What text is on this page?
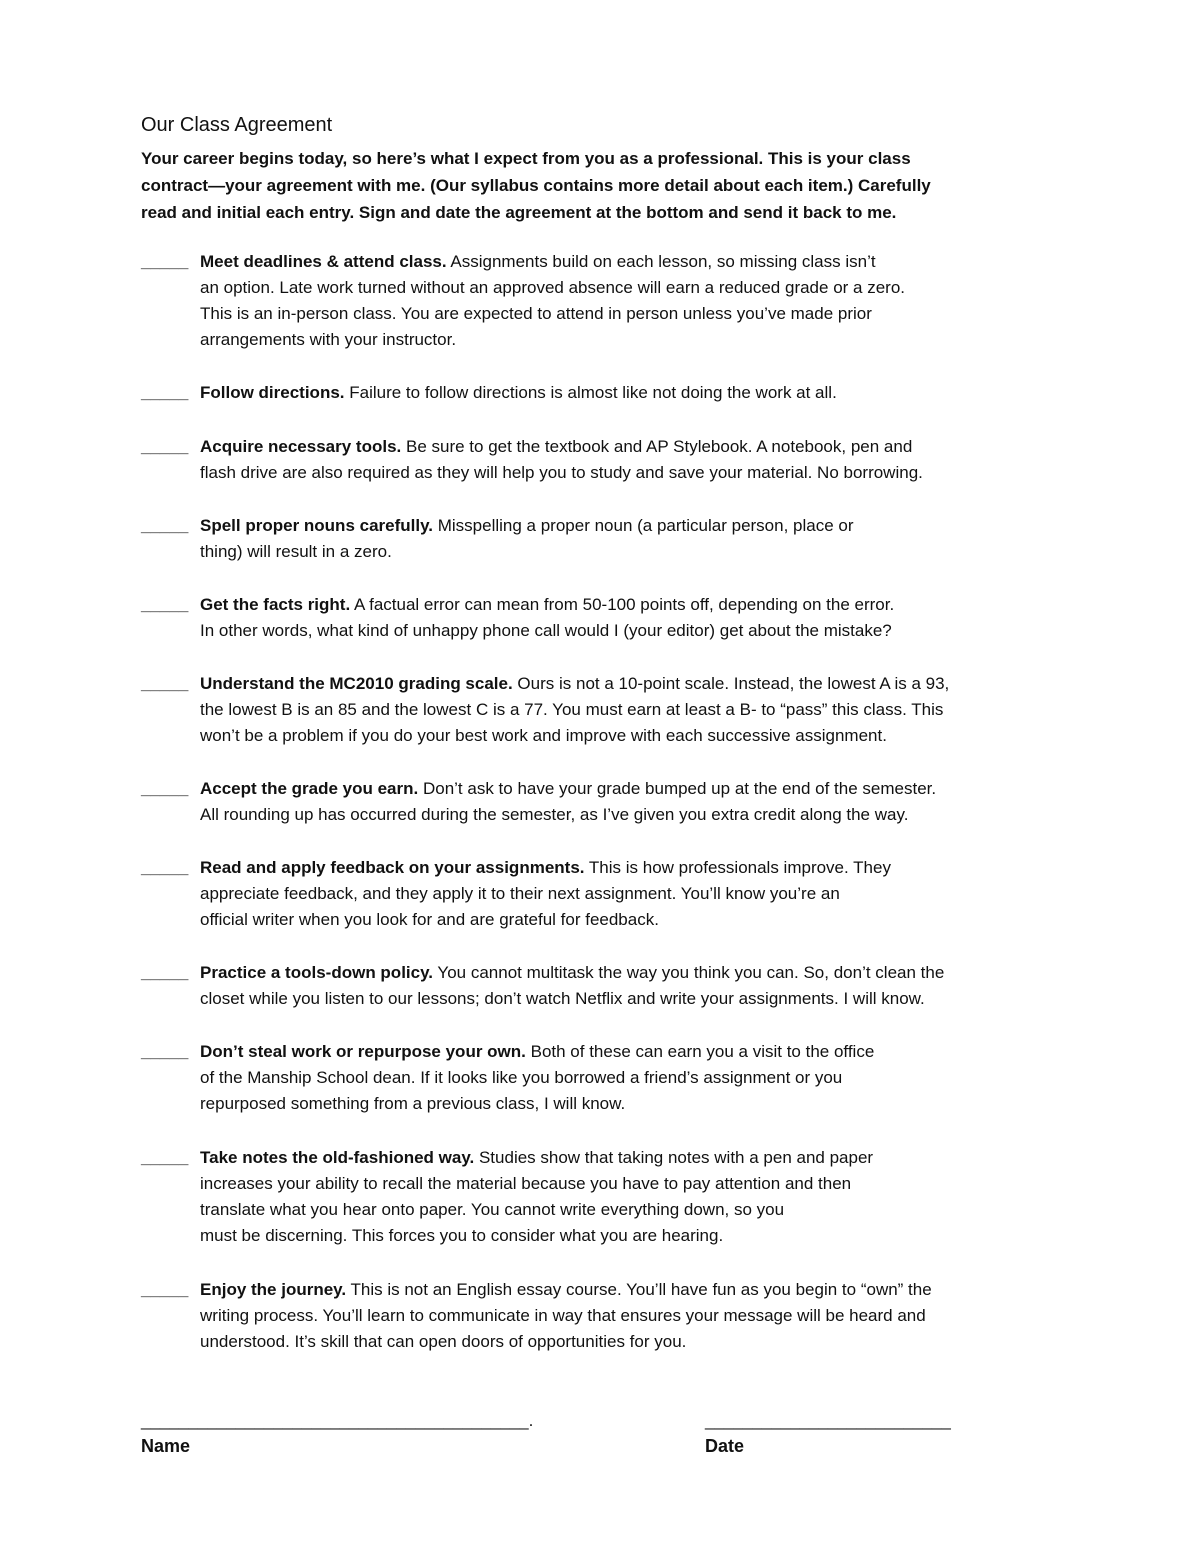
Our Class Agreement
Your career begins today, so here’s what I expect from you as a professional. This is your class
contract—your agreement with me. (Our syllabus contains more detail about each item.) Carefully
read and initial each entry. Sign and date the agreement at the bottom and send it back to me.
_____ Meet deadlines & attend class. Assignments build on each lesson, so missing class isn’t
an option. Late work turned without an approved absence will earn a reduced grade or a zero.
This is an in-person class. You are expected to attend in person unless you’ve made prior
arrangements with your instructor.
_____ Follow directions. Failure to follow directions is almost like not doing the work at all.
_____ Acquire necessary tools. Be sure to get the textbook and AP Stylebook. A notebook, pen and
flash drive are also required as they will help you to study and save your material. No borrowing.
_____ Spell proper nouns carefully. Misspelling a proper noun (a particular person, place or
thing) will result in a zero.
_____ Get the facts right. A factual error can mean from 50-100 points off, depending on the error.
In other words, what kind of unhappy phone call would I (your editor) get about the mistake?
_____ Understand the MC2010 grading scale. Ours is not a 10-point scale. Instead, the lowest A is a 93,
the lowest B is an 85 and the lowest C is a 77. You must earn at least a B- to “pass” this class. This
won’t be a problem if you do your best work and improve with each successive assignment.
_____ Accept the grade you earn. Don’t ask to have your grade bumped up at the end of the semester.
All rounding up has occurred during the semester, as I’ve given you extra credit along the way.
_____ Read and apply feedback on your assignments. This is how professionals improve. They
appreciate feedback, and they apply it to their next assignment. You’ll know you’re an
official writer when you look for and are grateful for feedback.
_____ Practice a tools-down policy. You cannot multitask the way you think you can. So, don’t clean the
closet while you listen to our lessons; don’t watch Netflix and write your assignments. I will know.
_____ Don’t steal work or repurpose your own. Both of these can earn you a visit to the office
of the Manship School dean. If it looks like you borrowed a friend’s assignment or you
repurposed something from a previous class, I will know.
_____ Take notes the old-fashioned way. Studies show that taking notes with a pen and paper
increases your ability to recall the material because you have to pay attention and then
translate what you hear onto paper. You cannot write everything down, so you
must be discerning. This forces you to consider what you are hearing.
_____ Enjoy the journey. This is not an English essay course. You’ll have fun as you begin to “own” the
writing process. You’ll learn to communicate in way that ensures your message will be heard and
understood. It’s skill that can open doors of opportunities for you.
_________________________________________.	__________________________
Name	Date
